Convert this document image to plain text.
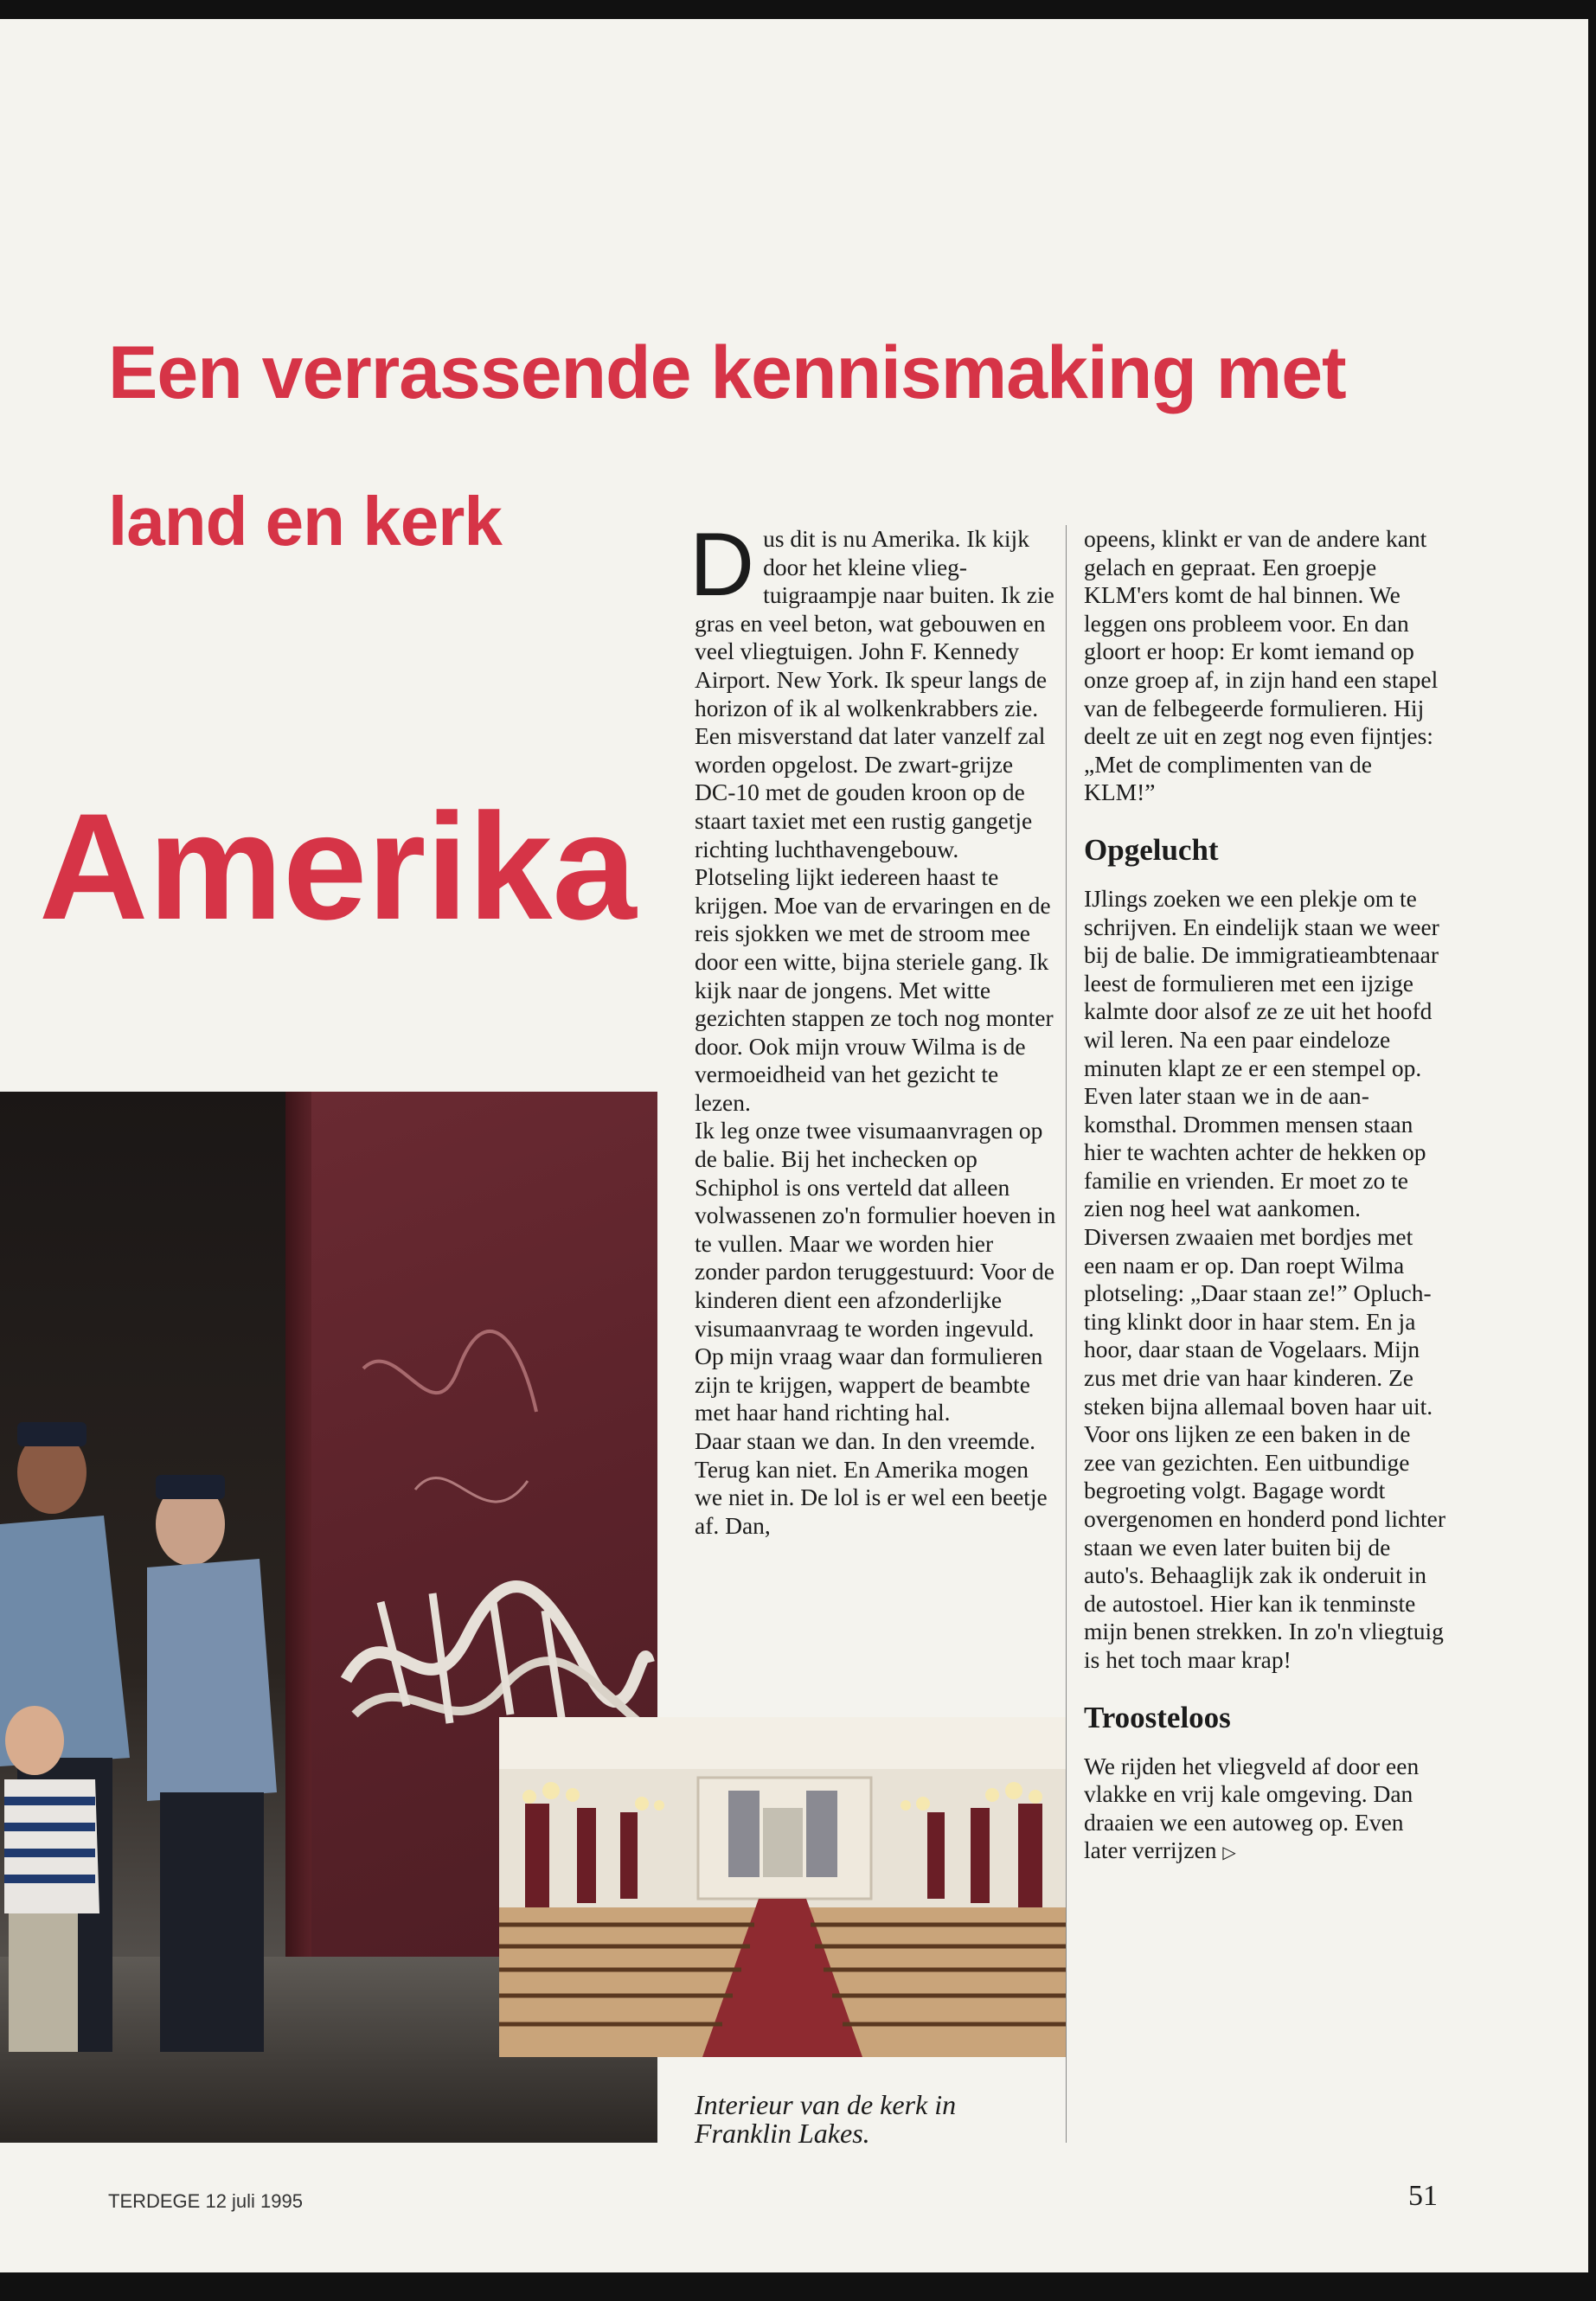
Een verrassende kennismaking met
land en kerk
Amerika
D us dit is nu Amerika. Ik kijk door het kleine vliegtuigraampje naar buiten. Ik zie gras en veel beton, wat gebouwen en veel vliegtuigen. John F. Kennedy Airport. New York. Ik speur langs de horizon of ik al wolkenkrabbers zie. Een misverstand dat later vanzelf zal worden opgelost. De zwart-grijze DC-10 met de gouden kroon op de staart taxiet met een rustig gangetje richting luchthavengebouw. Plotseling lijkt iedereen haast te krijgen. Moe van de ervaringen en de reis sjokken we met de stroom mee door een witte, bijna steriele gang. Ik kijk naar de jongens. Met witte gezichten stappen ze toch nog monter door. Ook mijn vrouw Wilma is de vermoeidheid van het gezicht te lezen.

Ik leg onze twee visumaanvragen op de balie. Bij het inchecken op Schiphol is ons verteld dat alleen volwassenen zo'n formulier hoeven in te vullen. Maar we worden hier zonder pardon teruggestuurd: Voor de kinderen dient een afzonderlijke visumaanvraag te worden ingevuld. Op mijn vraag waar dan formulieren zijn te krijgen, wappert de beambte met haar hand richting hal.

Daar staan we dan. In den vreemde. Terug kan niet. En Amerika mogen we niet in. De lol is er wel een beetje af. Dan,

opeens, klinkt er van de andere kant gelach en gepraat. Een groepje KLM'ers komt de hal binnen. We leggen ons probleem voor. En dan gloort er hoop: Er komt iemand op onze groep af, in zijn hand een stapel van de felbegeerde formulieren. Hij deelt ze uit en zegt nog even fijntjes: „Met de complimenten van de KLM!”

Opgelucht

IJlings zoeken we een plekje om te schrijven. En eindelijk staan we weer bij de balie. De immigratieambtenaar leest de formulieren met een ijzige kalmte door alsof ze ze uit het hoofd wil leren. Na een paar eindeloze minuten klapt ze er een stempel op.

Even later staan we in de aankomsthal. Drommen mensen staan hier te wachten achter de hekken op familie en vrienden. Er moet zo te zien nog heel wat aankomen. Diversen zwaaien met bordjes met een naam er op. Dan roept Wilma plotseling: „Daar staan ze!” Opluchting klinkt door in haar stem. En ja hoor, daar staan de Vogelaars. Mijn zus met drie van haar kinderen. Ze steken bijna allemaal boven haar uit. Voor ons lijken ze een baken in de zee van gezichten. Een uitbundige begroeting volgt. Bagage wordt overgenomen en honderd pond lichter staan we even later buiten bij de auto's. Behaaglijk zak ik onderuit in de autostoel. Hier kan ik tenminste mijn benen strekken. In zo'n vliegtuig is het toch maar krap!

Troosteloos

We rijden het vliegveld af door een vlakke en vrij kale omgeving. Dan draaien we een autoweg op. Even later verrijzen ▷

Interieur van de kerk in Franklin Lakes.
TERDEGE 12 juli 1995	51
